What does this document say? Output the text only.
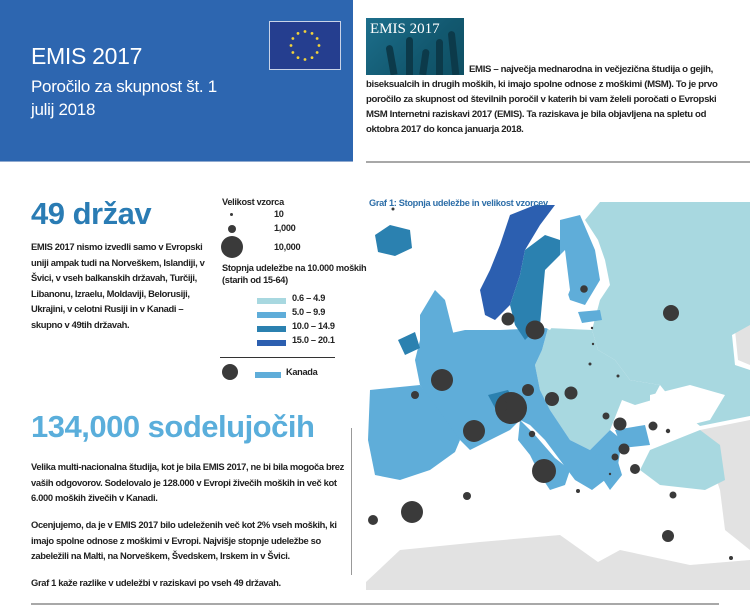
EMIS 2017
Poročilo za skupnost št. 1
julij 2018
EMIS 2017
EMIS – največja mednarodna in večjezična študija o gejih, biseksualcih in drugih moških, ki imajo spolne odnose z moškimi (MSM). To je prvo poročilo za skupnost od številnih poročil v katerih bi vam želeli poročati o Evropski MSM Internetni raziskavi 2017 (EMIS). Ta raziskava je bila objavljena na spletu od oktobra 2017 do konca januarja 2018.
49 držav
EMIS 2017 nismo izvedli samo v Evropski uniji ampak tudi na Norveškem, Islandiji, v Švici, v vseh balkanskih državah, Turčiji, Libanonu, Izraelu, Moldaviji, Belorusiji, Ukrajini, v celotni Rusiji in v Kanadi – skupno v 49tih državah.
Velikost vzorca
10
1,000
10,000
Stopnja udeležbe na 10.000 moških
(starih od 15-64)
0.6 – 4.9
5.0 – 9.9
10.0 – 14.9
15.0 – 20.1
Kanada
134,000 sodelujočih
Velika multi-nacionalna študija, kot je bila EMIS 2017, ne bi bila mogoča brez vaših odgovorov. Sodelovalo je 128.000 v Evropi živečih moških in več kot 6.000 moških živečih v Kanadi.
Ocenjujemo, da je v EMIS 2017 bilo udeleženih več kot 2% vseh moških, ki imajo spolne odnose z moškimi v Evropi. Najvišje stopnje udeležbe so zabeležili na Malti, na Norveškem, Švedskem, Irskem in v Švici.
Graf 1 kaže razlike v udeležbi v raziskavi po vseh 49 državah.
Graf 1: Stopnja udeležbe in velikost vzorcev
